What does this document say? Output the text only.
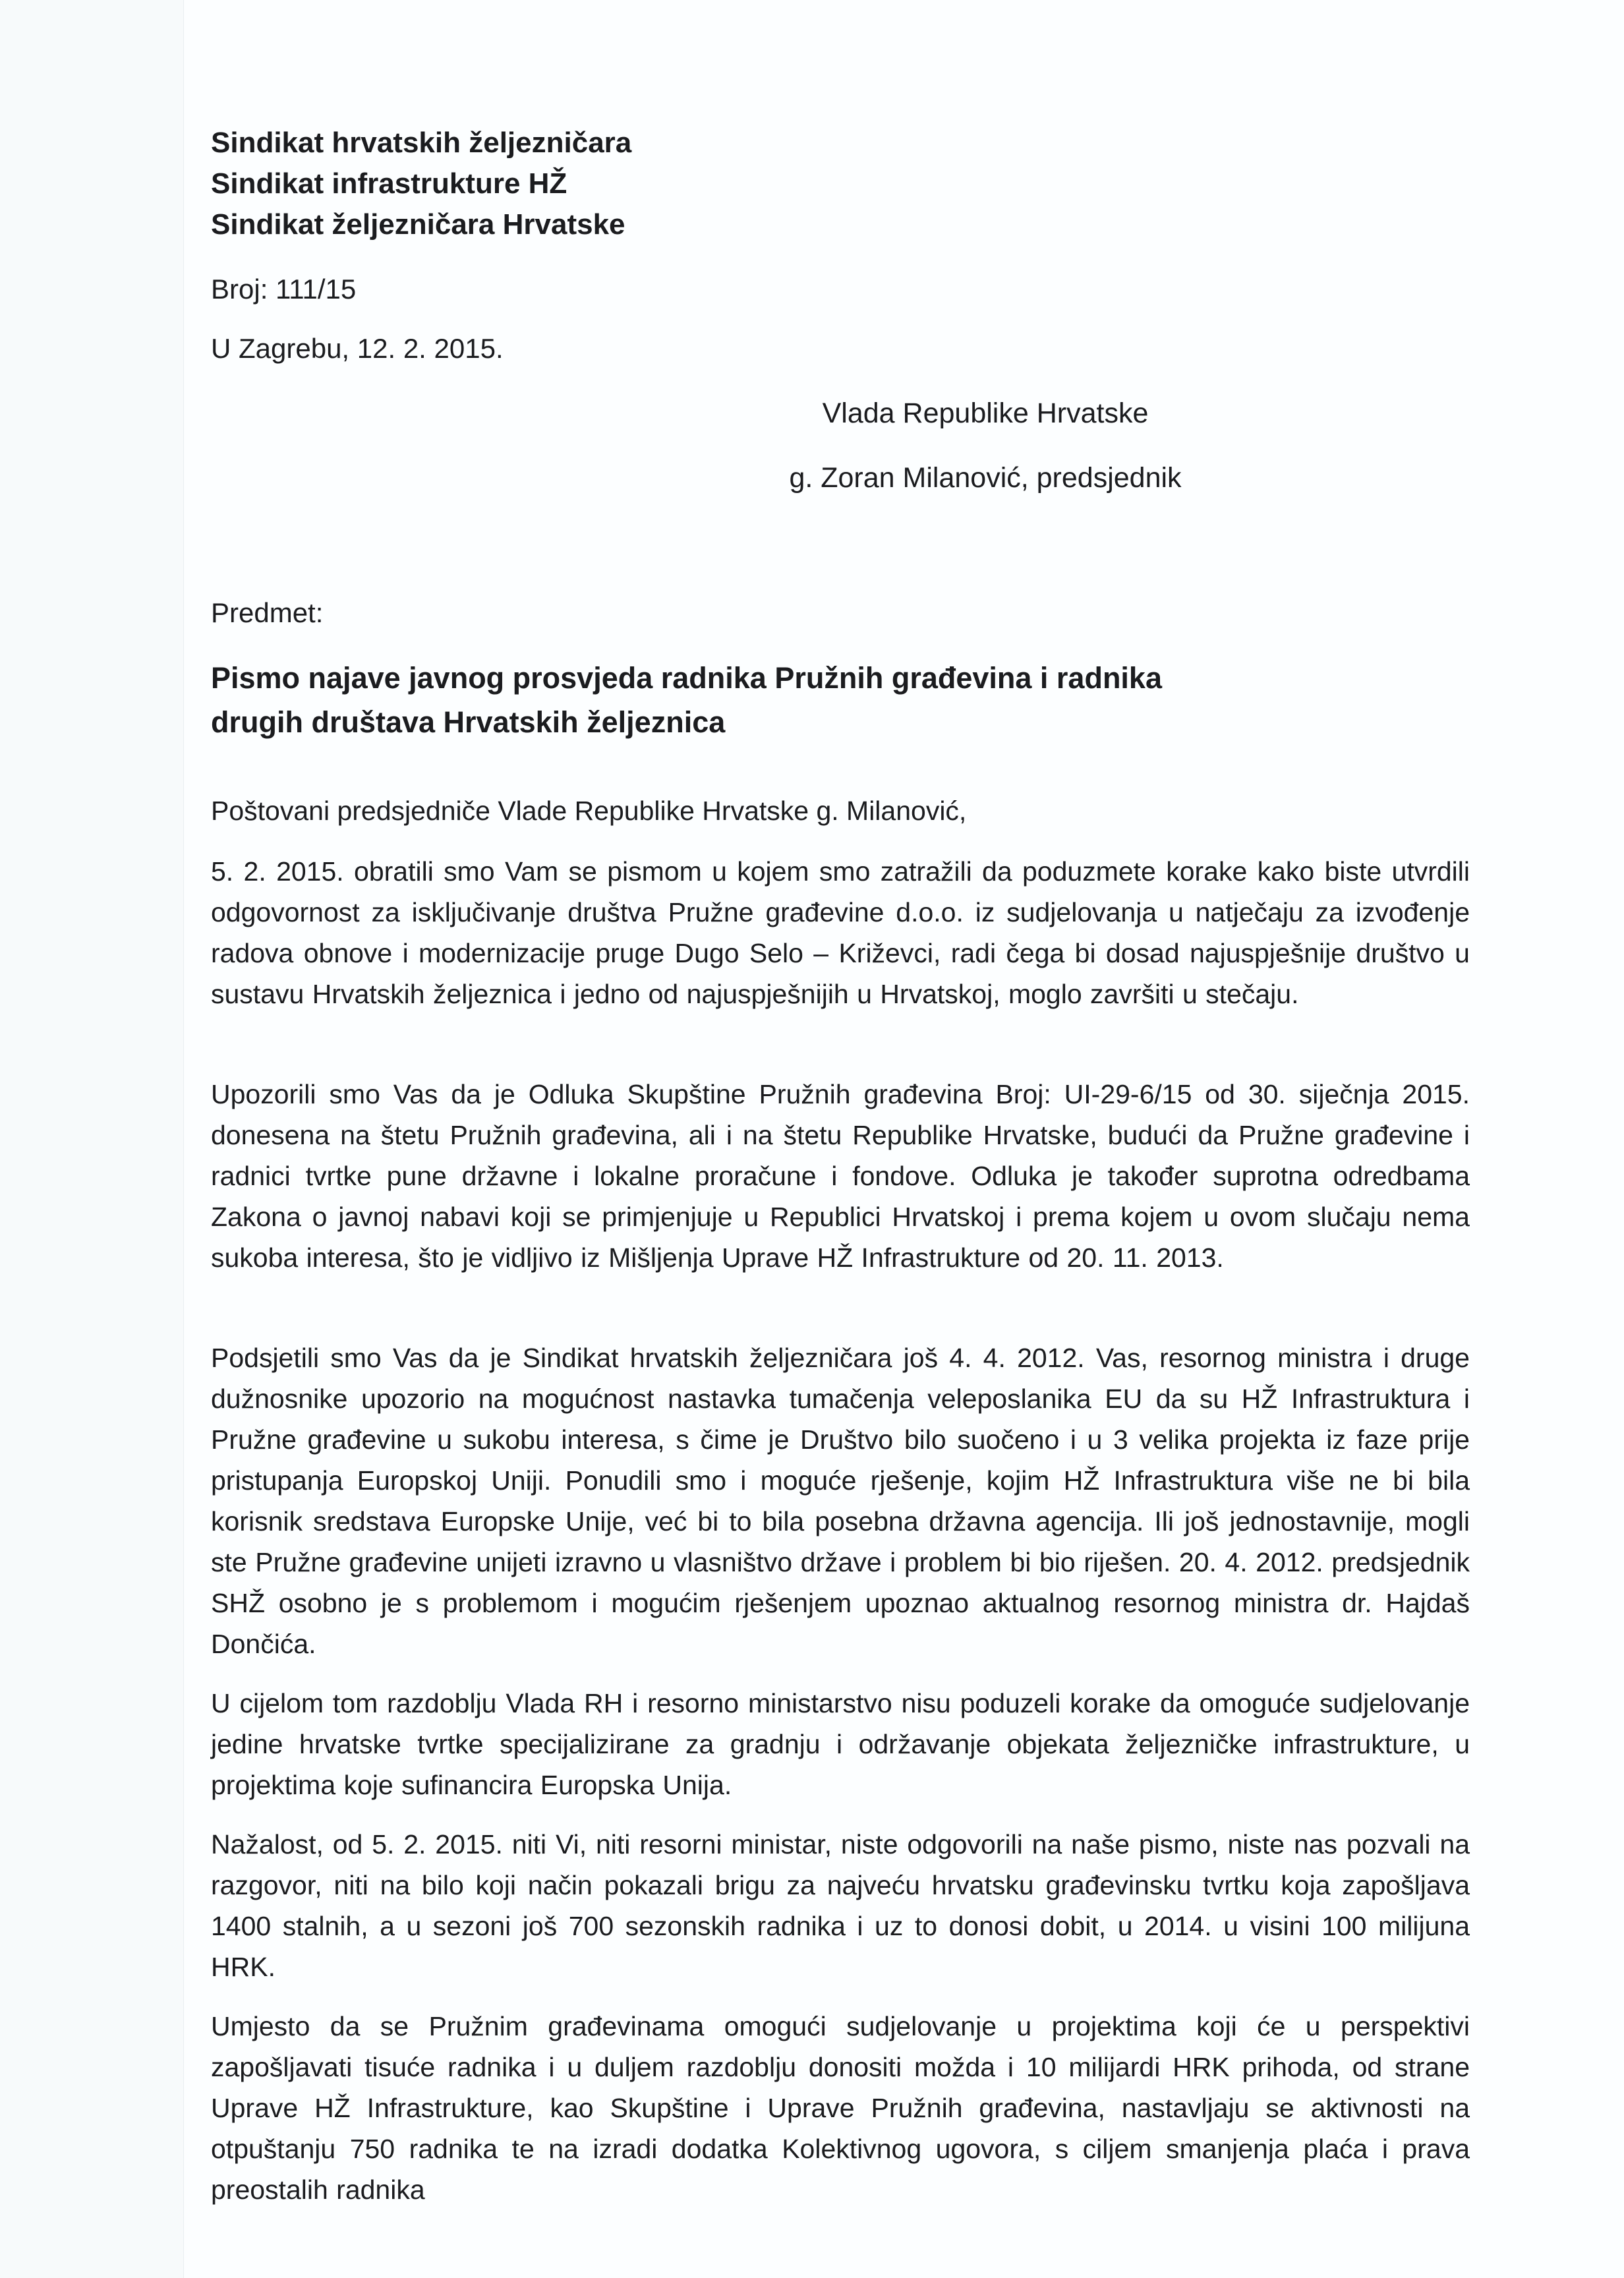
Sindikat hrvatskih željezničara
Sindikat infrastrukture HŽ
Sindikat željezničara Hrvatske
Broj: 111/15
U Zagrebu, 12. 2. 2015.
Vlada Republike Hrvatske
g. Zoran Milanović, predsjednik
Predmet:
Pismo najave javnog prosvjeda radnika Pružnih građevina i radnika
drugih društava Hrvatskih željeznica
Poštovani predsjedniče Vlade Republike Hrvatske g. Milanović,
5. 2. 2015. obratili smo Vam se pismom u kojem smo zatražili da poduzmete korake kako biste utvrdili odgovornost za isključivanje društva Pružne građevine d.o.o. iz sudjelovanja u natječaju za izvođenje radova obnove i modernizacije pruge Dugo Selo – Križevci, radi čega bi dosad najuspješnije društvo u sustavu Hrvatskih željeznica i jedno od najuspješnijih u Hrvatskoj, moglo završiti u stečaju.
Upozorili smo Vas da je Odluka Skupštine Pružnih građevina Broj: UI-29-6/15 od 30. siječnja 2015. donesena na štetu Pružnih građevina, ali i na štetu Republike Hrvatske, budući da Pružne građevine i radnici tvrtke pune državne i lokalne proračune i fondove. Odluka je također suprotna odredbama Zakona o javnoj nabavi koji se primjenjuje u Republici Hrvatskoj i prema kojem u ovom slučaju nema sukoba interesa, što je vidljivo iz Mišljenja Uprave HŽ Infrastrukture od 20. 11. 2013.
Podsjetili smo Vas da je Sindikat hrvatskih željezničara još 4. 4. 2012. Vas, resornog ministra i druge dužnosnike upozorio na mogućnost nastavka tumačenja veleposlanika EU da su HŽ Infrastruktura i Pružne građevine u sukobu interesa, s čime je Društvo bilo suočeno i u 3 velika projekta iz faze prije pristupanja Europskoj Uniji. Ponudili smo i moguće rješenje, kojim HŽ Infrastruktura više ne bi bila korisnik sredstava Europske Unije, već bi to bila posebna državna agencija. Ili još jednostavnije, mogli ste Pružne građevine unijeti izravno u vlasništvo države i problem bi bio riješen. 20. 4. 2012. predsjednik SHŽ osobno je s problemom i mogućim rješenjem upoznao aktualnog resornog ministra dr. Hajdaš Dončića.
U cijelom tom razdoblju Vlada RH i resorno ministarstvo nisu poduzeli korake da omoguće sudjelovanje jedine hrvatske tvrtke specijalizirane za gradnju i održavanje objekata željezničke infrastrukture, u projektima koje sufinancira Europska Unija.
Nažalost, od 5. 2. 2015. niti Vi, niti resorni ministar, niste odgovorili na naše pismo, niste nas pozvali na razgovor, niti na bilo koji način pokazali brigu za najveću hrvatsku građevinsku tvrtku koja zapošljava 1400 stalnih, a u sezoni još 700 sezonskih radnika i uz to donosi dobit, u 2014. u visini 100 milijuna HRK.
Umjesto da se Pružnim građevinama omogući sudjelovanje u projektima koji će u perspektivi zapošljavati tisuće radnika i u duljem razdoblju donositi možda i 10 milijardi HRK prihoda, od strane Uprave HŽ Infrastrukture, kao Skupštine i Uprave Pružnih građevina, nastavljaju se aktivnosti na otpuštanju 750 radnika te na izradi dodatka Kolektivnog ugovora, s ciljem smanjenja plaća i prava preostalih radnika
